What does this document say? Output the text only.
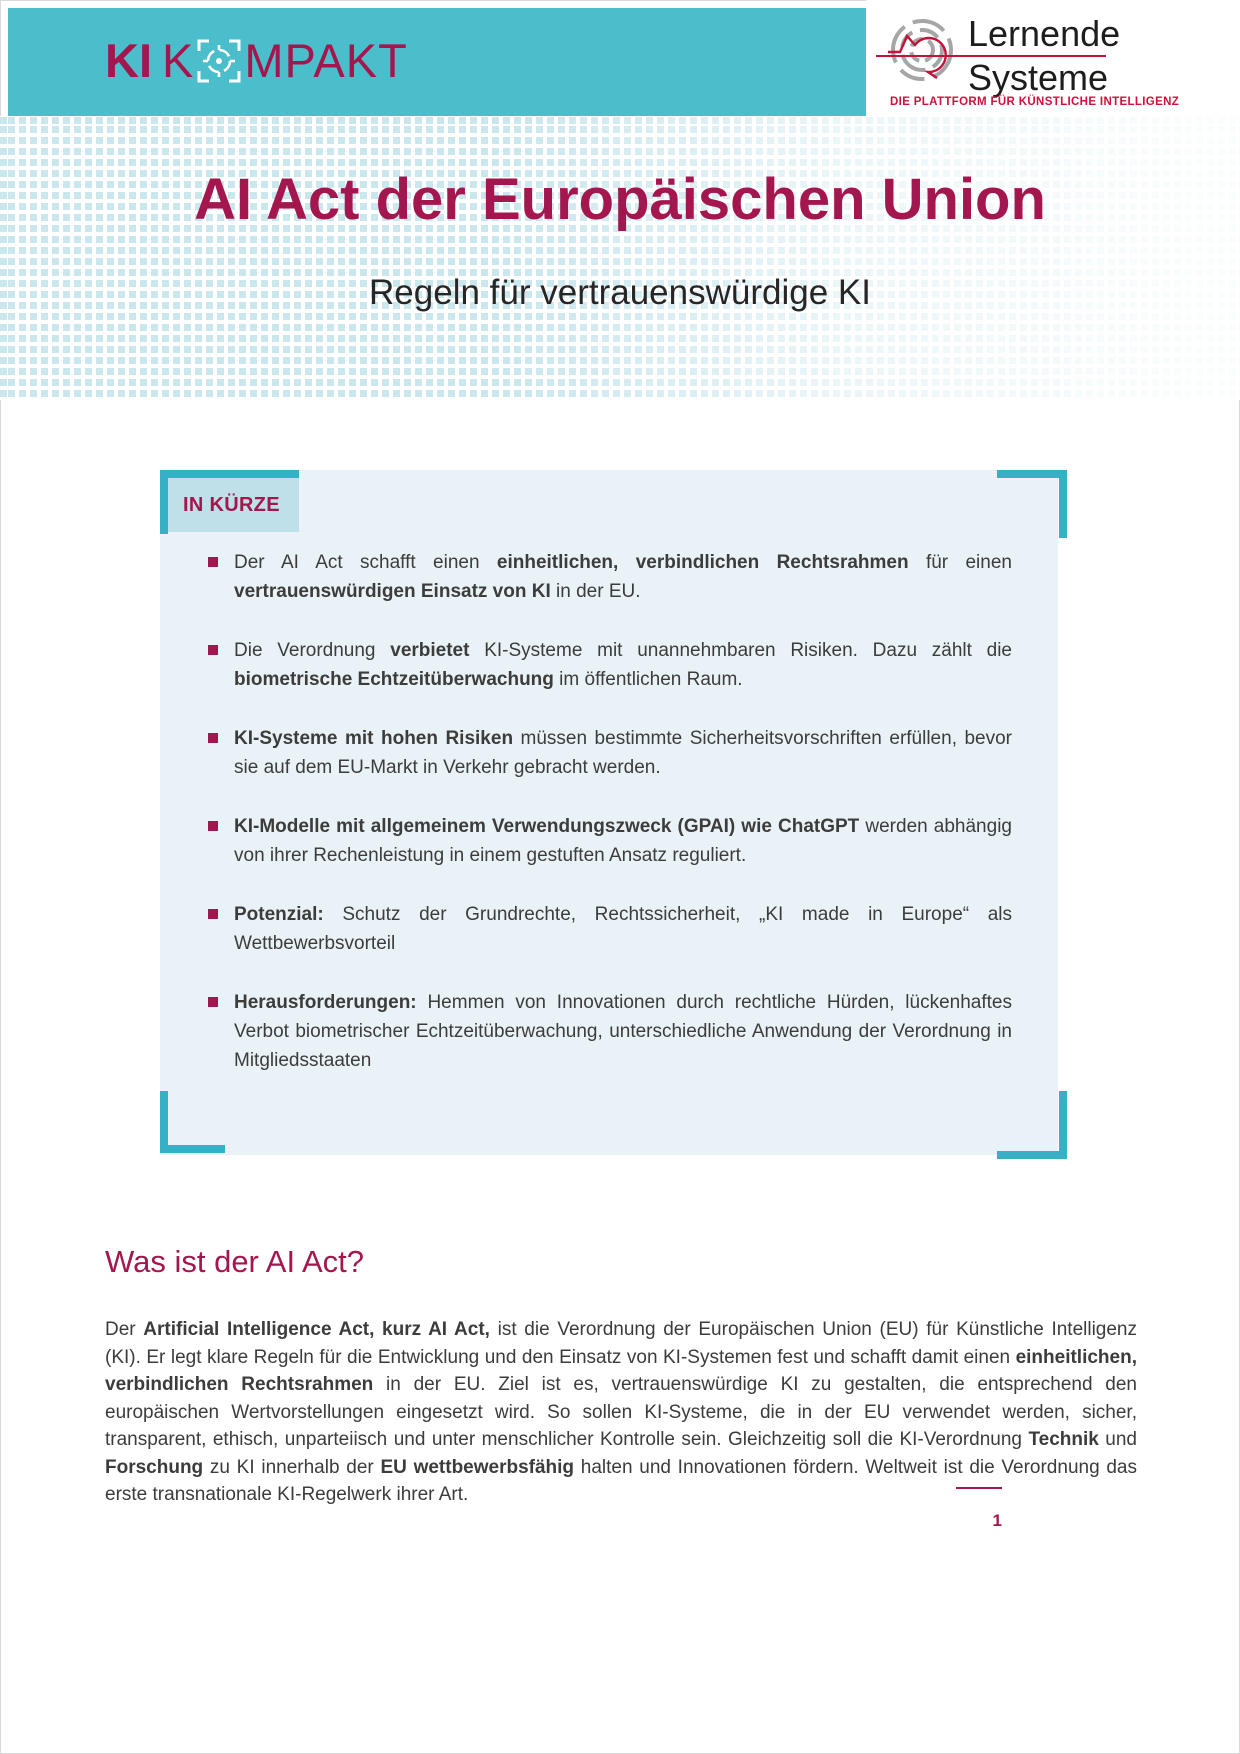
KI K MPAKT
Lernende
Systeme
DIE PLATTFORM FÜR KÜNSTLICHE INTELLIGENZ
AI Act der Europäischen Union
Regeln für vertrauenswürdige KI
IN KÜRZE
Der AI Act schafft einen einheitlichen, verbindlichen Rechtsrahmen für einen vertrauenswürdigen Einsatz von KI in der EU.
Die Verordnung verbietet KI-Systeme mit unannehmbaren Risiken. Dazu zählt die biometrische Echtzeitüberwachung im öffentlichen Raum.
KI-Systeme mit hohen Risiken müssen bestimmte Sicherheitsvorschriften erfüllen, bevor sie auf dem EU-Markt in Verkehr gebracht werden.
KI-Modelle mit allgemeinem Verwendungszweck (GPAI) wie ChatGPT werden abhängig von ihrer Rechenleistung in einem gestuften Ansatz reguliert.
Potenzial: Schutz der Grundrechte, Rechtssicherheit, „KI made in Europe“ als Wettbewerbsvorteil
Herausforderungen: Hemmen von Innovationen durch rechtliche Hürden, lückenhaftes Verbot biometrischer Echtzeitüberwachung, unterschiedliche Anwendung der Verordnung in Mitgliedsstaaten
Was ist der AI Act?
Der Artificial Intelligence Act, kurz AI Act, ist die Verordnung der Europäischen Union (EU) für Künstliche Intelligenz (KI). Er legt klare Regeln für die Entwicklung und den Einsatz von KI-Systemen fest und schafft damit einen einheitlichen, verbindlichen Rechtsrahmen in der EU. Ziel ist es, vertrauenswürdige KI zu gestalten, die entsprechend den europäischen Wertvorstellungen eingesetzt wird. So sollen KI-Systeme, die in der EU verwendet werden, sicher, transparent, ethisch, unparteiisch und unter menschlicher Kontrolle sein. Gleichzeitig soll die KI-Verordnung Technik und Forschung zu KI innerhalb der EU wettbewerbsfähig halten und Innovationen fördern. Weltweit ist die Verordnung das erste transnationale KI-Regelwerk ihrer Art.
1
